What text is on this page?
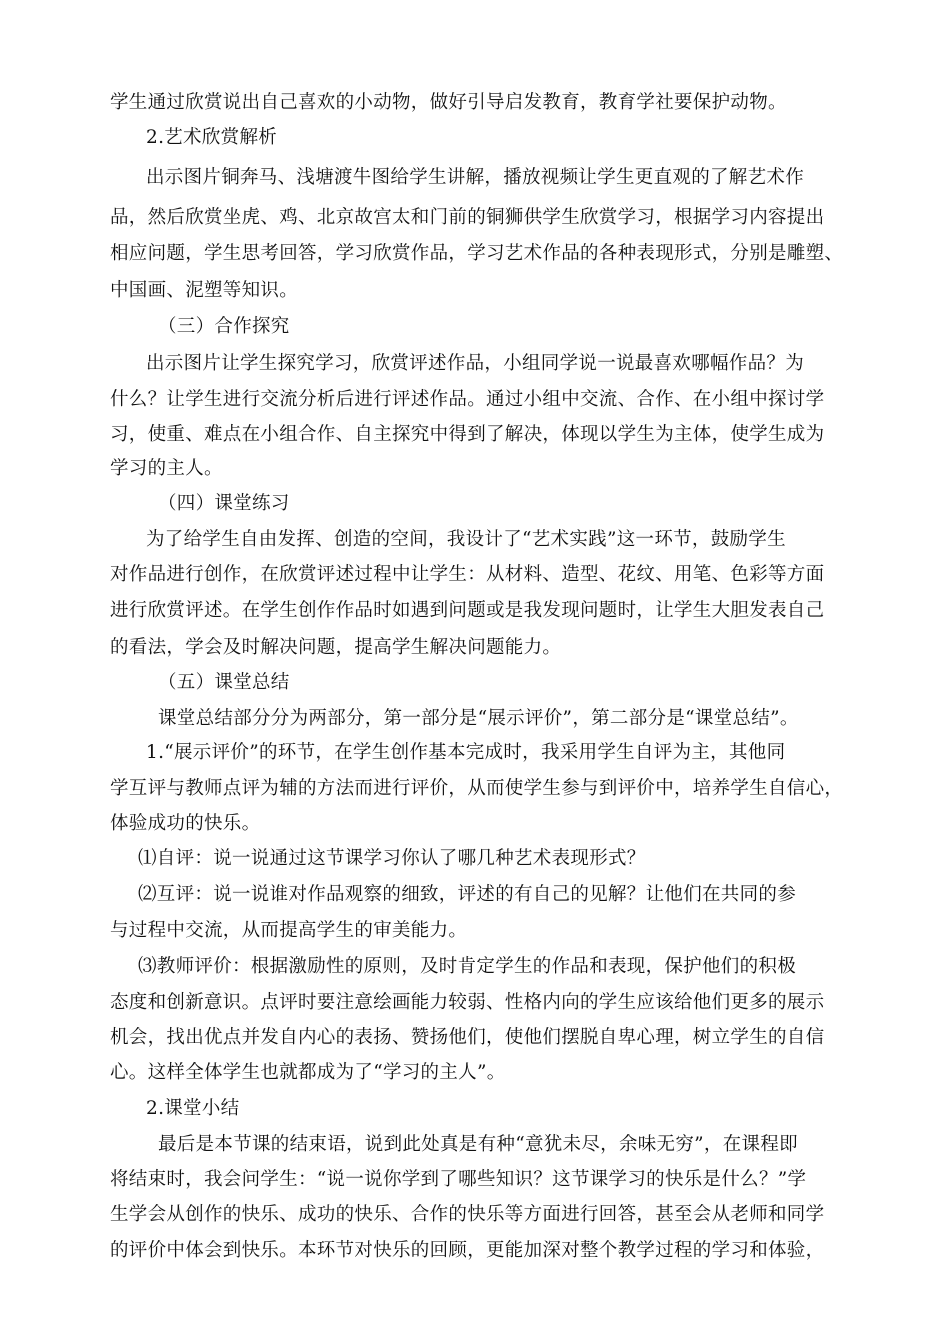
学生通过欣赏说出自己喜欢的小动物，做好引导启发教育，教育学社要保护动物。
2.艺术欣赏解析
出示图片铜奔马、浅塘渡牛图给学生讲解，播放视频让学生更直观的了解艺术作
品，然后欣赏坐虎、鸡、北京故宫太和门前的铜狮供学生欣赏学习，根据学习内容提出
相应问题，学生思考回答，学习欣赏作品，学习艺术作品的各种表现形式，分别是雕塑、
中国画、泥塑等知识。
（三）合作探究
出示图片让学生探究学习，欣赏评述作品，小组同学说一说最喜欢哪幅作品？为
什么？让学生进行交流分析后进行评述作品。通过小组中交流、合作、在小组中探讨学
习，使重、难点在小组合作、自主探究中得到了解决，体现以学生为主体，使学生成为
学习的主人。
（四）课堂练习
为了给学生自由发挥、创造的空间，我设计了“艺术实践”这一环节，鼓励学生
对作品进行创作，在欣赏评述过程中让学生：从材料、造型、花纹、用笔、色彩等方面
进行欣赏评述。在学生创作作品时如遇到问题或是我发现问题时，让学生大胆发表自己
的看法，学会及时解决问题，提高学生解决问题能力。
（五）课堂总结
课堂总结部分分为两部分，第一部分是“展示评价”，第二部分是“课堂总结”。
1.“展示评价”的环节，在学生创作基本完成时，我采用学生自评为主，其他同
学互评与教师点评为辅的方法而进行评价，从而使学生参与到评价中，培养学生自信心，
体验成功的快乐。
⑴自评：说一说通过这节课学习你认了哪几种艺术表现形式？
⑵互评：说一说谁对作品观察的细致，评述的有自己的见解？让他们在共同的参
与过程中交流，从而提高学生的审美能力。
⑶教师评价：根据激励性的原则，及时肯定学生的作品和表现，保护他们的积极
态度和创新意识。点评时要注意绘画能力较弱、性格内向的学生应该给他们更多的展示
机会，找出优点并发自内心的表扬、赞扬他们，使他们摆脱自卑心理，树立学生的自信
心。这样全体学生也就都成为了“学习的主人”。
2.课堂小结
最后是本节课的结束语，说到此处真是有种“意犹未尽，余味无穷”，在课程即
将结束时，我会问学生：“说一说你学到了哪些知识？这节课学习的快乐是什么？”学
生学会从创作的快乐、成功的快乐、合作的快乐等方面进行回答，甚至会从老师和同学
的评价中体会到快乐。本环节对快乐的回顾，更能加深对整个教学过程的学习和体验，
